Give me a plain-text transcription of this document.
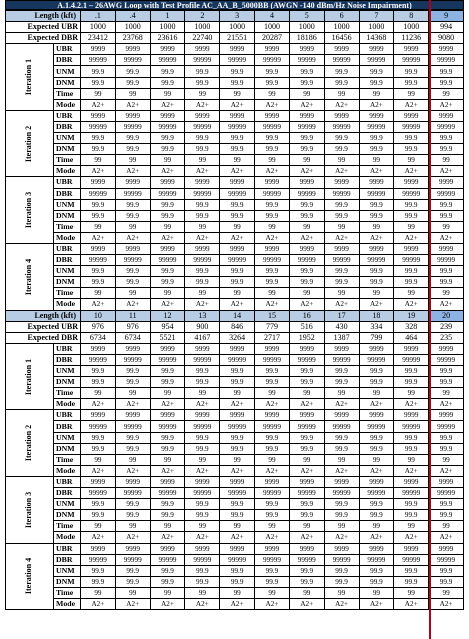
A.1.4.2.1 – 26AWG Loop with Test Profile AC_AA_B_5000BB (AWGN -140 dBm/Hz Noise Impairment)
Length (kft)		.1	.4	1	2	3	4	5	6	7	8	9
Expected UBR		1000	1000	1000	1000	1000	1000	1000	1000	1000	1000	994
Expected DBR		23412	23768	23616	22740	21551	20287	18186	16456	14368	11236	9080
Iteration 1	UBR	9999	9999	9999	9999	9999	9999	9999	9999	9999	9999	9999
	DBR	99999	99999	99999	99999	99999	99999	99999	99999	99999	99999	99999
	UNM	99.9	99.9	99.9	99.9	99.9	99.9	99.9	99.9	99.9	99.9	99.9
	DNM	99.9	99.9	99.9	99.9	99.9	99.9	99.9	99.9	99.9	99.9	99.9
	Time	99	99	99	99	99	99	99	99	99	99	99
	Mode	A2+	A2+	A2+	A2+	A2+	A2+	A2+	A2+	A2+	A2+	A2+
Iteration 2	UBR	9999	9999	9999	9999	9999	9999	9999	9999	9999	9999	9999
	DBR	99999	99999	99999	99999	99999	99999	99999	99999	99999	99999	99999
	UNM	99.9	99.9	99.9	99.9	99.9	99.9	99.9	99.9	99.9	99.9	99.9
	DNM	99.9	99.9	99.9	99.9	99.9	99.9	99.9	99.9	99.9	99.9	99.9
	Time	99	99	99	99	99	99	99	99	99	99	99
	Mode	A2+	A2+	A2+	A2+	A2+	A2+	A2+	A2+	A2+	A2+	A2+
Iteration 3	UBR	9999	9999	9999	9999	9999	9999	9999	9999	9999	9999	9999
	DBR	99999	99999	99999	99999	99999	99999	99999	99999	99999	99999	99999
	UNM	99.9	99.9	99.9	99.9	99.9	99.9	99.9	99.9	99.9	99.9	99.9
	DNM	99.9	99.9	99.9	99.9	99.9	99.9	99.9	99.9	99.9	99.9	99.9
	Time	99	99	99	99	99	99	99	99	99	99	99
	Mode	A2+	A2+	A2+	A2+	A2+	A2+	A2+	A2+	A2+	A2+	A2+
Iteration 4	UBR	9999	9999	9999	9999	9999	9999	9999	9999	9999	9999	9999
	DBR	99999	99999	99999	99999	99999	99999	99999	99999	99999	99999	99999
	UNM	99.9	99.9	99.9	99.9	99.9	99.9	99.9	99.9	99.9	99.9	99.9
	DNM	99.9	99.9	99.9	99.9	99.9	99.9	99.9	99.9	99.9	99.9	99.9
	Time	99	99	99	99	99	99	99	99	99	99	99
	Mode	A2+	A2+	A2+	A2+	A2+	A2+	A2+	A2+	A2+	A2+	A2+
Length (kft)		10	11	12	13	14	15	16	17	18	19	20
Expected UBR		976	976	954	900	846	779	516	430	334	328	239
Expected DBR		6734	6734	5521	4167	3264	2717	1952	1387	799	464	235
Iteration 1	UBR	9999	9999	9999	9999	9999	9999	9999	9999	9999	9999	9999
	DBR	99999	99999	99999	99999	99999	99999	99999	99999	99999	99999	99999
	UNM	99.9	99.9	99.9	99.9	99.9	99.9	99.9	99.9	99.9	99.9	99.9
	DNM	99.9	99.9	99.9	99.9	99.9	99.9	99.9	99.9	99.9	99.9	99.9
	Time	99	99	99	99	99	99	99	99	99	99	99
	Mode	A2+	A2+	A2+	A2+	A2+	A2+	A2+	A2+	A2+	A2+	A2+
Iteration 2	UBR	9999	9999	9999	9999	9999	9999	9999	9999	9999	9999	9999
	DBR	99999	99999	99999	99999	99999	99999	99999	99999	99999	99999	99999
	UNM	99.9	99.9	99.9	99.9	99.9	99.9	99.9	99.9	99.9	99.9	99.9
	DNM	99.9	99.9	99.9	99.9	99.9	99.9	99.9	99.9	99.9	99.9	99.9
	Time	99	99	99	99	99	99	99	99	99	99	99
	Mode	A2+	A2+	A2+	A2+	A2+	A2+	A2+	A2+	A2+	A2+	A2+
Iteration 3	UBR	9999	9999	9999	9999	9999	9999	9999	9999	9999	9999	9999
	DBR	99999	99999	99999	99999	99999	99999	99999	99999	99999	99999	99999
	UNM	99.9	99.9	99.9	99.9	99.9	99.9	99.9	99.9	99.9	99.9	99.9
	DNM	99.9	99.9	99.9	99.9	99.9	99.9	99.9	99.9	99.9	99.9	99.9
	Time	99	99	99	99	99	99	99	99	99	99	99
	Mode	A2+	A2+	A2+	A2+	A2+	A2+	A2+	A2+	A2+	A2+	A2+
Iteration 4	UBR	9999	9999	9999	9999	9999	9999	9999	9999	9999	9999	9999
	DBR	99999	99999	99999	99999	99999	99999	99999	99999	99999	99999	99999
	UNM	99.9	99.9	99.9	99.9	99.9	99.9	99.9	99.9	99.9	99.9	99.9
	DNM	99.9	99.9	99.9	99.9	99.9	99.9	99.9	99.9	99.9	99.9	99.9
	Time	99	99	99	99	99	99	99	99	99	99	99
	Mode	A2+	A2+	A2+	A2+	A2+	A2+	A2+	A2+	A2+	A2+	A2+
